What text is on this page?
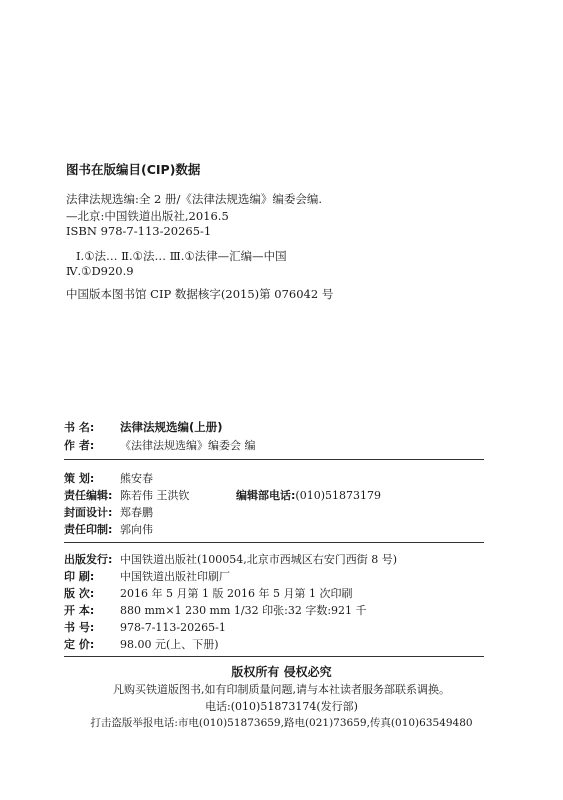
图书在版编目(CIP)数据
法律法规选编:全 2 册/《法律法规选编》编委会编.
—北京:中国铁道出版社,2016.5
ISBN 978-7-113-20265-1
Ⅰ.①法… Ⅱ.①法… Ⅲ.①法律—汇编—中国
Ⅳ.①D920.9
中国版本图书馆 CIP 数据核字(2015)第 076042 号
书 名: 法律法规选编(上册)
作 者: 《法律法规选编》编委会 编
策 划: 熊安春
责任编辑: 陈若伟 王洪钦	编辑部电话:(010)51873179
封面设计: 郑春鹏
责任印制: 郭向伟
出版发行: 中国铁道出版社(100054,北京市西城区右安门西街 8 号)
印 刷: 中国铁道出版社印刷厂
版 次: 2016 年 5 月第 1 版 2016 年 5 月第 1 次印刷
开 本: 880 mm×1 230 mm 1/32 印张:32 字数:921 千
书 号: 978-7-113-20265-1
定 价: 98.00 元(上、下册)
版权所有 侵权必究
凡购买铁道版图书,如有印制质量问题,请与本社读者服务部联系调换。
电话:(010)51873174(发行部)
打击盗版举报电话:市电(010)51873659,路电(021)73659,传真(010)63549480
